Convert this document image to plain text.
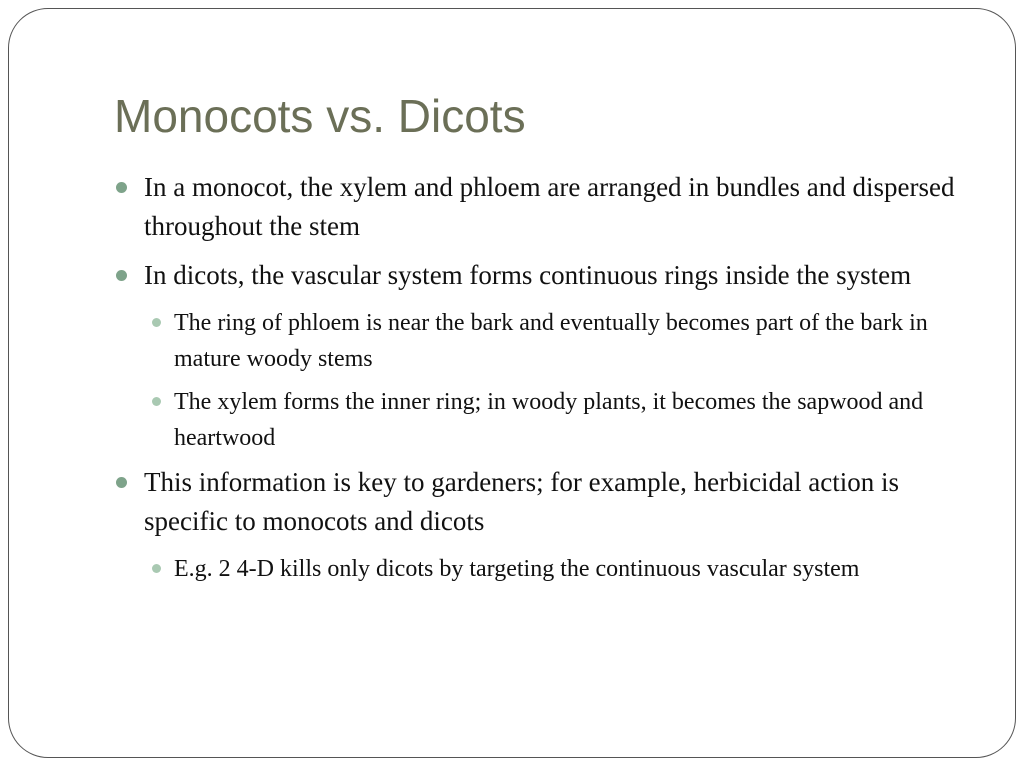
Monocots vs. Dicots

In a monocot, the xylem and phloem are arranged in bundles and dispersed throughout the stem

In dicots, the vascular system forms continuous rings inside the system

The ring of phloem is near the bark and eventually becomes part of the bark in mature woody stems

The xylem forms the inner ring; in woody plants, it becomes the sapwood and heartwood

This information is key to gardeners; for example, herbicidal action is specific to monocots and dicots

E.g. 2 4-D kills only dicots by targeting the continuous vascular system
